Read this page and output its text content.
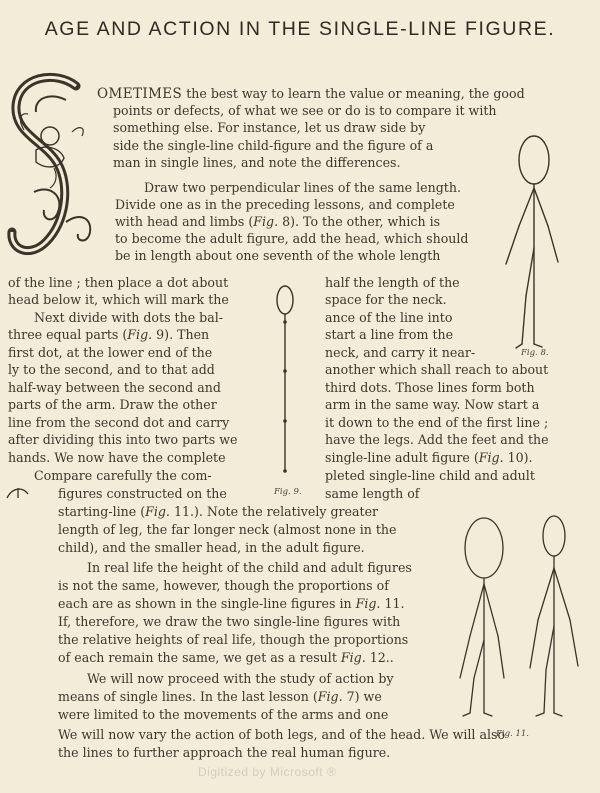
AGE AND ACTION IN THE SINGLE-LINE FIGURE.
OMETIMES the best way to learn the value or meaning, the good
points or defects, of what we see or do is to compare it with
something else. For instance, let us draw side by
side the single-line child-figure and the figure of a
man in single lines, and note the differences.
Draw two perpendicular lines of the same length.
Divide one as in the preceding lessons, and complete
with head and limbs (Fig. 8). To the other, which is
to become the adult figure, add the head, which should
be in length about one seventh of the whole length
of the line ; then place a dot about	half the length of the
head below it, which will mark the	space for the neck.
Next divide with dots the bal-	ance of the line into
three equal parts (Fig. 9). Then	start a line from the
first dot, at the lower end of the	neck, and carry it near-
ly to the second, and to that add	another which shall reach to about
half-way between the second and	third dots. Those lines form both
parts of the arm. Draw the other	arm in the same way. Now start a
line from the second dot and carry	it down to the end of the first line ;
after dividing this into two parts we	have the legs. Add the feet and the
hands. We now have the complete	single-line adult figure (Fig. 10).
Compare carefully the com-	pleted single-line child and adult
figures constructed on the	same length of
starting-line (Fig. 11.). Note the relatively greater
length of leg, the far longer neck (almost none in the
child), and the smaller head, in the adult figure.
In real life the height of the child and adult figures
is not the same, however, though the proportions of
each are as shown in the single-line figures in Fig. 11.
If, therefore, we draw the two single-line figures with
the relative heights of real life, though the proportions
of each remain the same, we get as a result Fig. 12..
We will now proceed with the study of action by
means of single lines. In the last lesson (Fig. 7) we
were limited to the movements of the arms and one
We will now vary the action of both legs, and of the head. We will also
the lines to further approach the real human figure.
Fig. 8.
Fig. 9.
Fig. 11.
Digitized by Microsoft ®
